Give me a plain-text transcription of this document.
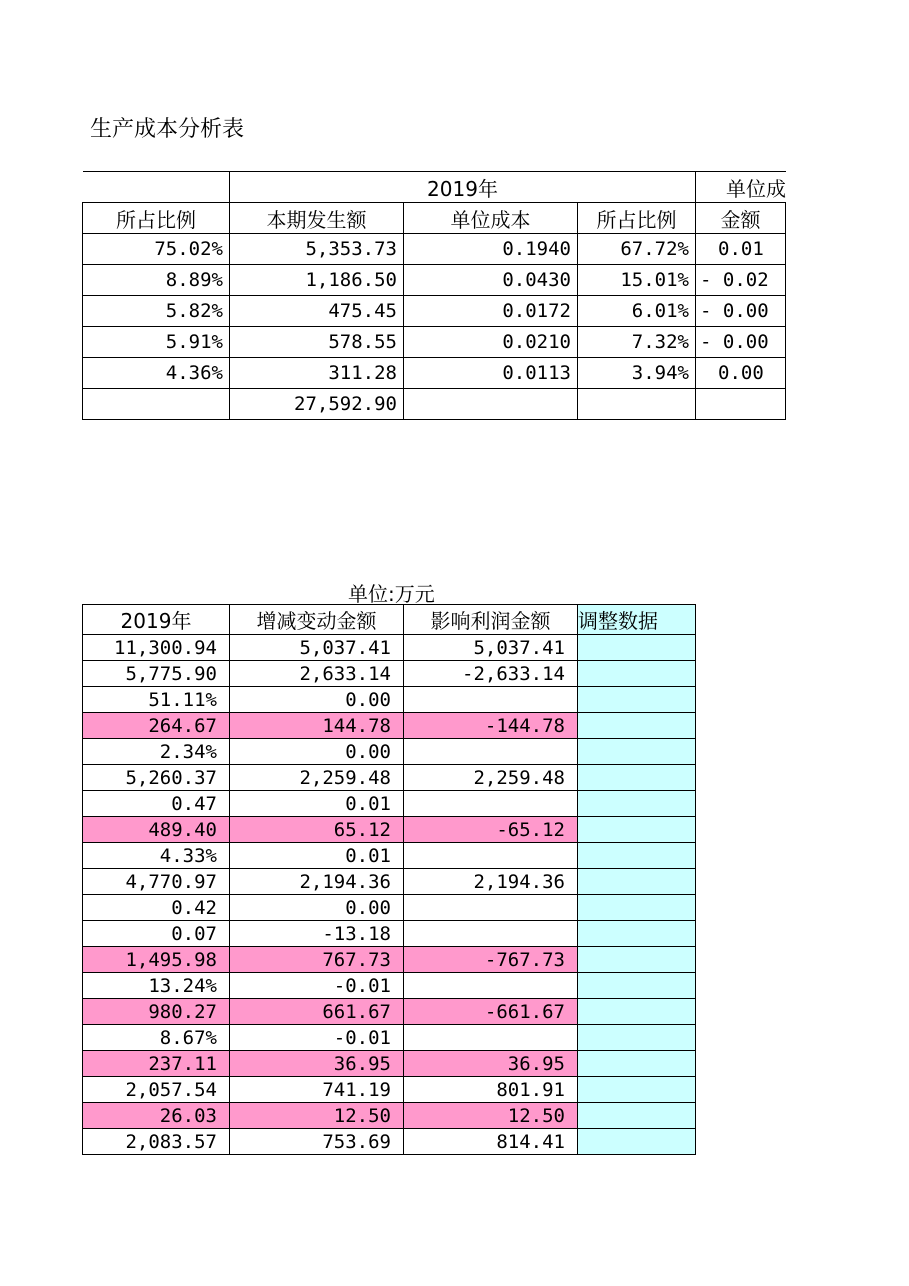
生产成本分析表
	2019年			单位成	
所占比例	本期发生额	单位成本	所占比例	金额	
75.02%	5,353.73	0.1940	67.72%	0.01	
8.89%	1,186.50	0.0430	15.01%	- 0.02	
5.82%	475.45	0.0172	6.01%	- 0.00	
5.91%	578.55	0.0210	7.32%	- 0.00	
4.36%	311.28	0.0113	3.94%	0.00	
	27,592.90				
单位:万元
2019年	增减变动金额	影响利润金额	调整数据
11,300.94	5,037.41	5,037.41	
5,775.90	2,633.14	-2,633.14	
51.11%	0.00		
264.67	144.78	-144.78	
2.34%	0.00		
5,260.37	2,259.48	2,259.48	
0.47	0.01		
489.40	65.12	-65.12	
4.33%	0.01		
4,770.97	2,194.36	2,194.36	
0.42	0.00		
0.07	-13.18		
1,495.98	767.73	-767.73	
13.24%	-0.01		
980.27	661.67	-661.67	
8.67%	-0.01		
237.11	36.95	36.95	
2,057.54	741.19	801.91	
26.03	12.50	12.50	
2,083.57	753.69	814.41	
